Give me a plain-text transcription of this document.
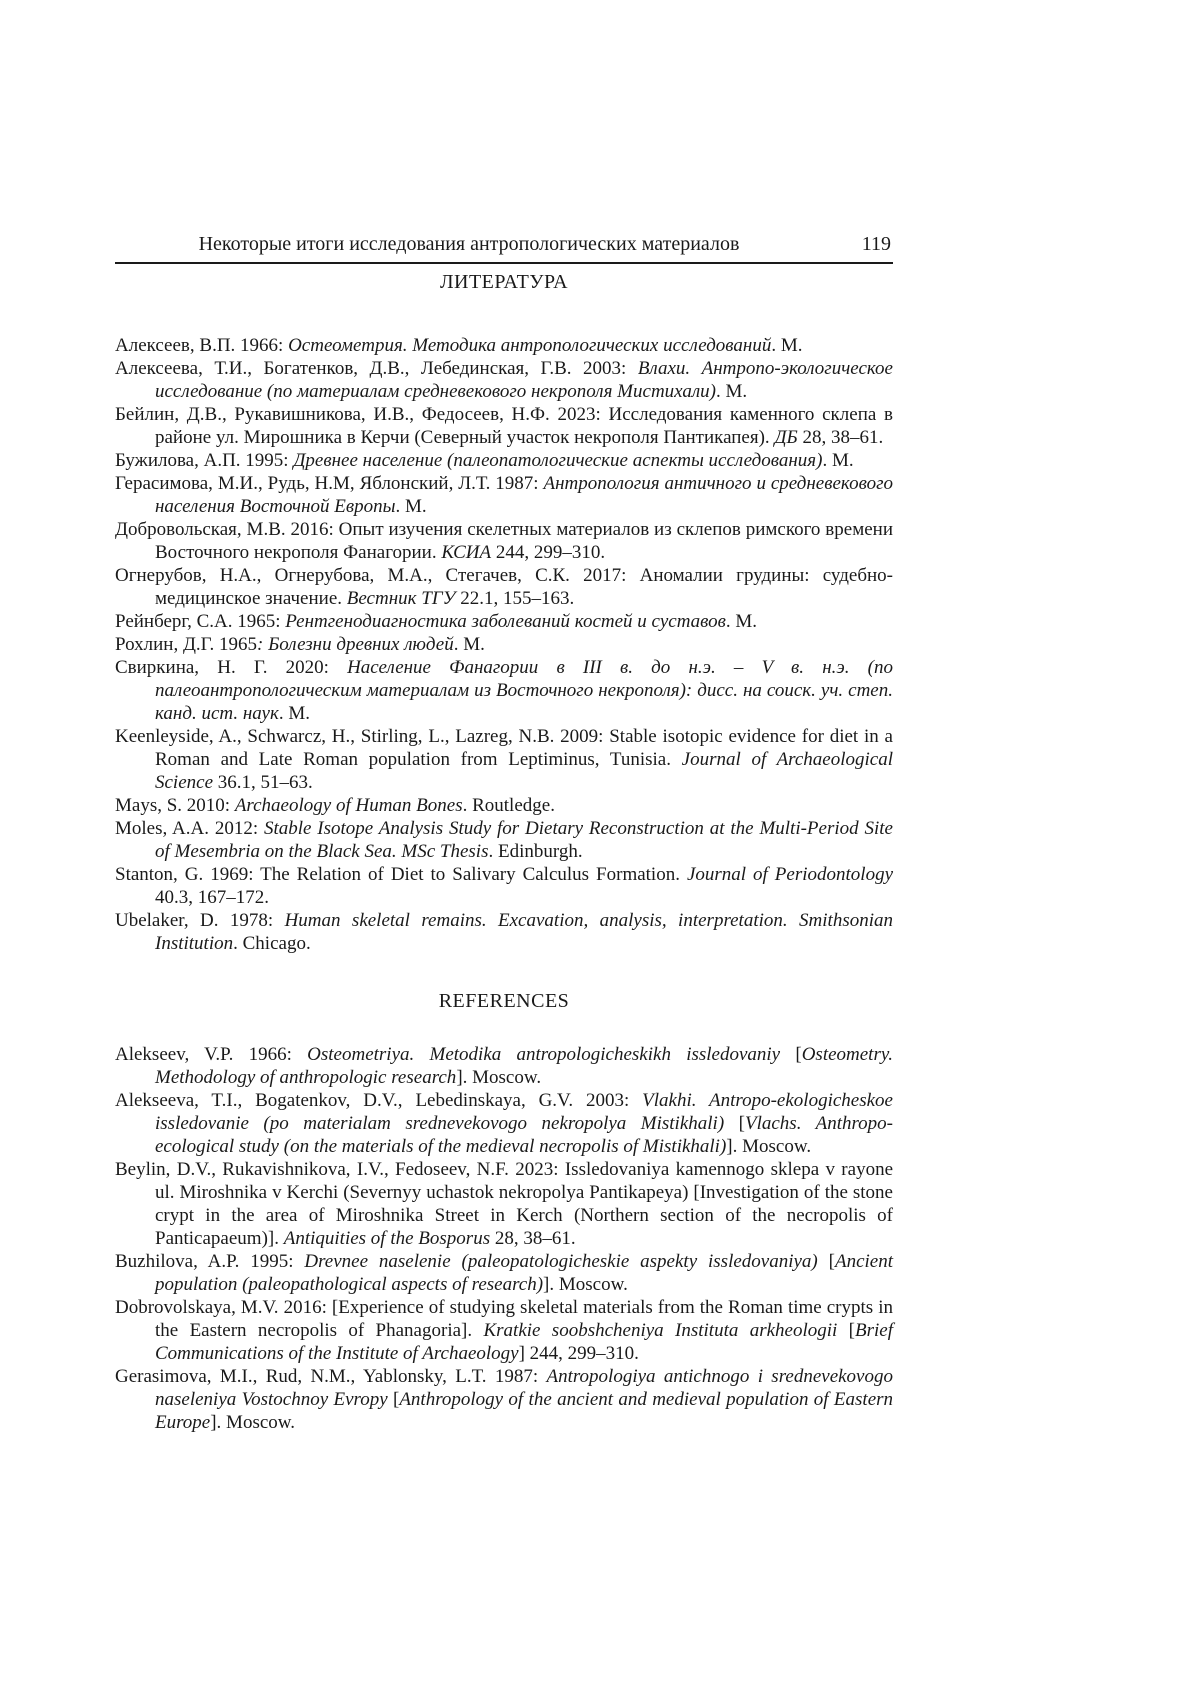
Некоторые итоги исследования антропологических материалов	119
ЛИТЕРАТУРА
Алексеев, В.П. 1966: Остеометрия. Методика антропологических исследований. М.
Алексеева, Т.И., Богатенков, Д.В., Лебединская, Г.В. 2003: Влахи. Антропо-экологическое исследование (по материалам средневекового некрополя Мистихали). М.
Бейлин, Д.В., Рукавишникова, И.В., Федосеев, Н.Ф. 2023: Исследования каменного склепа в районе ул. Мирошника в Керчи (Северный участок некрополя Пантикапея). ДБ 28, 38–61.
Бужилова, А.П. 1995: Древнее население (палеопатологические аспекты исследования). М.
Герасимова, М.И., Рудь, Н.М, Яблонский, Л.Т. 1987: Антропология античного и средневекового населения Восточной Европы. М.
Добровольская, М.В. 2016: Опыт изучения скелетных материалов из склепов римского времени Восточного некрополя Фанагории. КСИА 244, 299–310.
Огнерубов, Н.А., Огнерубова, М.А., Стегачев, С.К. 2017: Аномалии грудины: судебно-медицинское значение. Вестник ТГУ 22.1, 155–163.
Рейнберг, С.А. 1965: Рентгенодиагностика заболеваний костей и суставов. М.
Рохлин, Д.Г. 1965: Болезни древних людей. М.
Свиркина, Н. Г. 2020: Население Фанагории в III в. до н.э. – V в. н.э. (по палеоантропологическим материалам из Восточного некрополя): дисс. на соиск. уч. степ. канд. ист. наук. М.
Keenleyside, A., Schwarcz, H., Stirling, L., Lazreg, N.B. 2009: Stable isotopic evidence for diet in a Roman and Late Roman population from Leptiminus, Tunisia. Journal of Archaeological Science 36.1, 51–63.
Mays, S. 2010: Archaeology of Human Bones. Routledge.
Moles, A.A. 2012: Stable Isotope Analysis Study for Dietary Reconstruction at the Multi-Period Site of Mesembria on the Black Sea. MSc Thesis. Edinburgh.
Stanton, G. 1969: The Relation of Diet to Salivary Calculus Formation. Journal of Periodontology 40.3, 167–172.
Ubelaker, D. 1978: Human skeletal remains. Excavation, analysis, interpretation. Smithsonian Institution. Chicago.
REFERENCES
Alekseev, V.P. 1966: Osteometriya. Metodika antropologicheskikh issledovaniy [Osteometry. Methodology of anthropologic research]. Moscow.
Alekseeva, T.I., Bogatenkov, D.V., Lebedinskaya, G.V. 2003: Vlakhi. Antropo-ekologicheskoe issledovanie (po materialam srednevekovogo nekropolya Mistikhali) [Vlachs. Anthropo-ecological study (on the materials of the medieval necropolis of Mistikhali)]. Moscow.
Beylin, D.V., Rukavishnikova, I.V., Fedoseev, N.F. 2023: Issledovaniya kamennogo sklepa v rayone ul. Miroshnika v Kerchi (Severnyy uchastok nekropolya Pantikapeya) [Investigation of the stone crypt in the area of Miroshnika Street in Kerch (Northern section of the necropolis of Panticapaeum)]. Antiquities of the Bosporus 28, 38–61.
Buzhilova, A.P. 1995: Drevnee naselenie (paleopatologicheskie aspekty issledovaniya) [Ancient population (paleopathological aspects of research)]. Moscow.
Dobrovolskaya, M.V. 2016: [Experience of studying skeletal materials from the Roman time crypts in the Eastern necropolis of Phanagoria]. Kratkie soobshcheniya Instituta arkheologii [Brief Communications of the Institute of Archaeology] 244, 299–310.
Gerasimova, M.I., Rud, N.M., Yablonsky, L.T. 1987: Antropologiya antichnogo i srednevekovogo naseleniya Vostochnoy Evropy [Anthropology of the ancient and medieval population of Eastern Europe]. Moscow.
